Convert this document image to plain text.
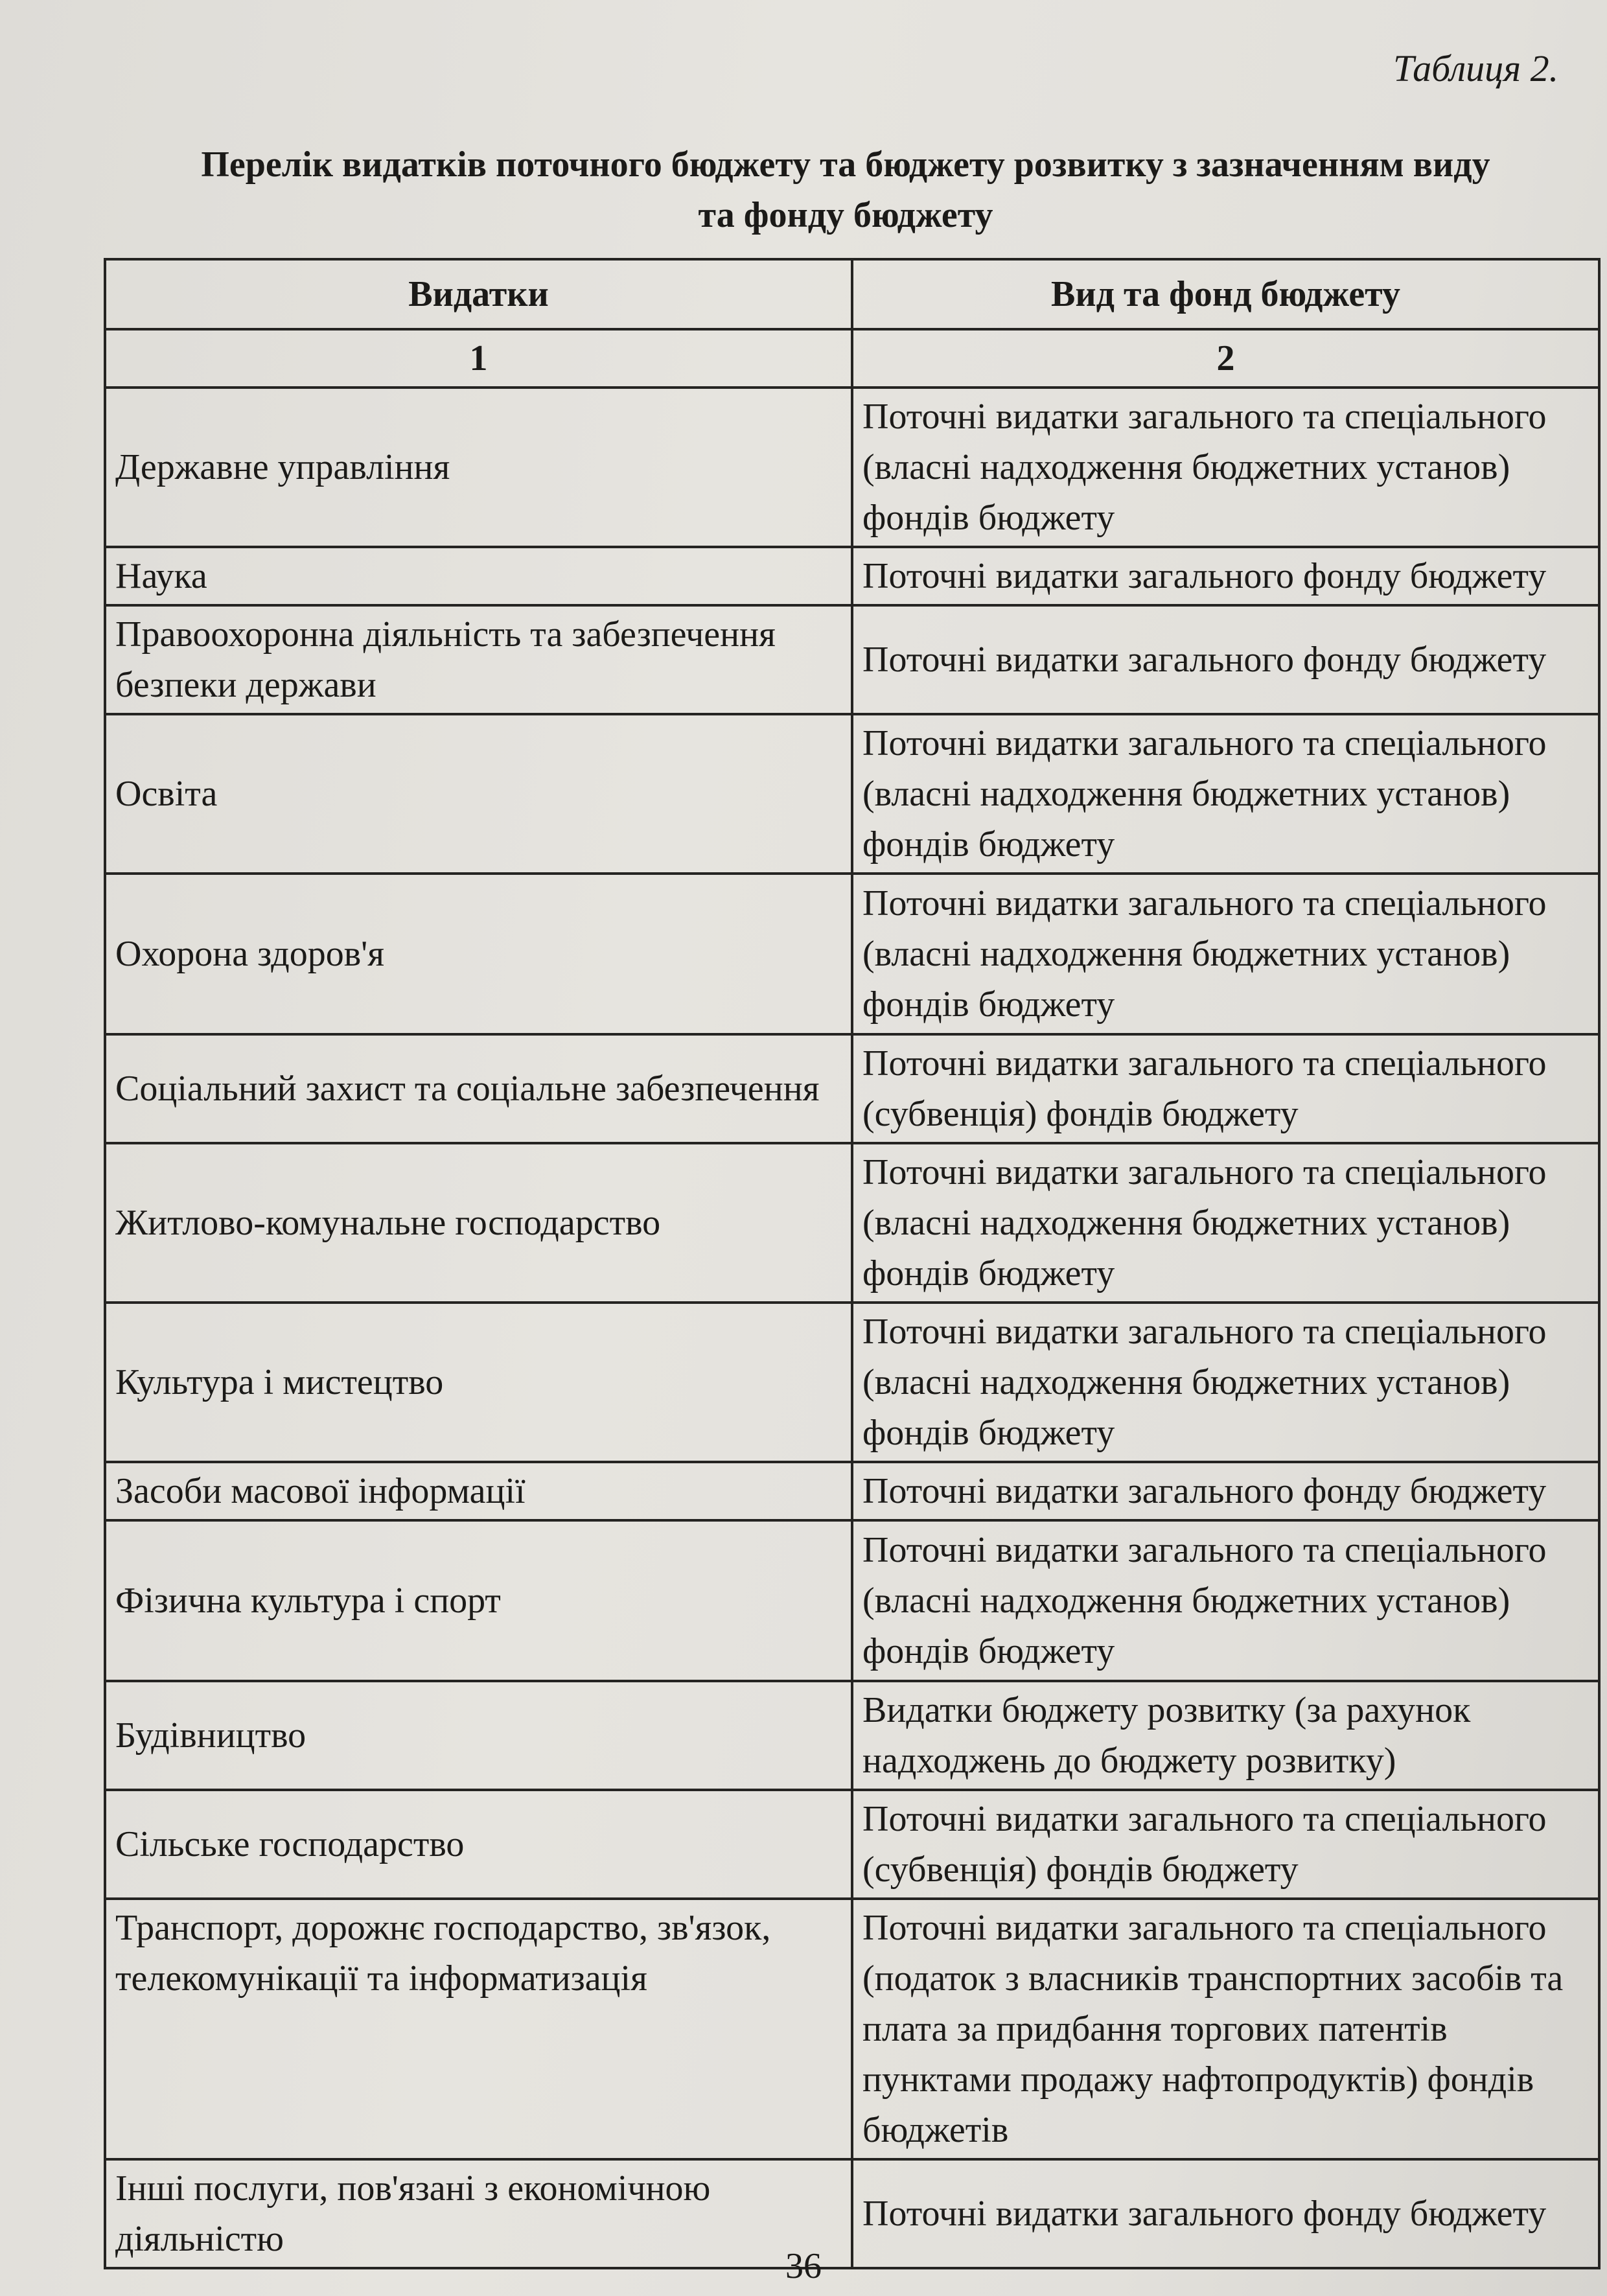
Таблиця 2.
Перелік видатків поточного бюджету та бюджету розвитку з зазначенням виду
та фонду бюджету
Видатки	Вид та фонд бюджету
1	2
Державне управління	Поточні видатки загального та спеціального (власні надходження бюджетних установ) фондів бюджету
Наука	Поточні видатки загального фонду бюджету
Правоохоронна діяльність та забезпечення безпеки держави	Поточні видатки загального фонду бюджету
Освіта	Поточні видатки загального та спеціального (власні надходження бюджетних установ) фондів бюджету
Охорона здоров'я	Поточні видатки загального та спеціального (власні надходження бюджетних установ) фондів бюджету
Соціальний захист та соціальне забезпечення	Поточні видатки загального та спеціального (субвенція) фондів бюджету
Житлово-комунальне господарство	Поточні видатки загального та спеціального (власні надходження бюджетних установ) фондів бюджету
Культура і мистецтво	Поточні видатки загального та спеціального (власні надходження бюджетних установ) фондів бюджету
Засоби масової інформації	Поточні видатки загального фонду бюджету
Фізична культура і спорт	Поточні видатки загального та спеціального (власні надходження бюджетних установ) фондів бюджету
Будівництво	Видатки бюджету розвитку (за рахунок надходжень до бюджету розвитку)
Сільське господарство	Поточні видатки загального та спеціального (субвенція) фондів бюджету
Транспорт, дорожнє господарство, зв'язок, телекомунікації та інформатизація	Поточні видатки загального та спеціального (податок з власників транспортних засобів та плата за придбання торгових патентів пунктами продажу нафтопродуктів) фондів бюджетів
Інші послуги, пов'язані з економічною діяльністю	Поточні видатки загального фонду бюджету
36
